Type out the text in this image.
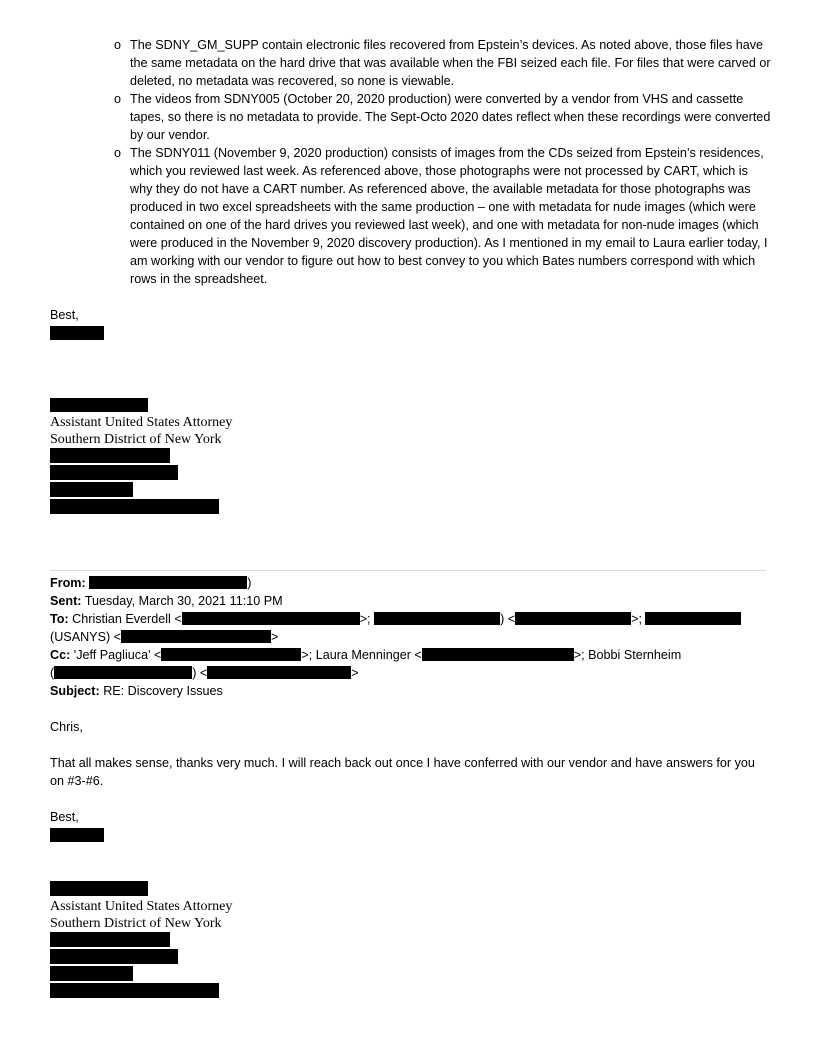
o The SDNY_GM_SUPP contain electronic files recovered from Epstein’s devices. As noted above, those files have the same metadata on the hard drive that was available when the FBI seized each file. For files that were carved or deleted, no metadata was recovered, so none is viewable.
o The videos from SDNY005 (October 20, 2020 production) were converted by a vendor from VHS and cassette tapes, so there is no metadata to provide. The Sept-Octo 2020 dates reflect when these recordings were converted by our vendor.
o The SDNY011 (November 9, 2020 production) consists of images from the CDs seized from Epstein’s residences, which you reviewed last week. As referenced above, those photographs were not processed by CART, which is why they do not have a CART number. As referenced above, the available metadata for those photographs was produced in two excel spreadsheets with the same production – one with metadata for nude images (which were contained on one of the hard drives you reviewed last week), and one with metadata for non-nude images (which were produced in the November 9, 2020 discovery production). As I mentioned in my email to Laura earlier today, I am working with our vendor to figure out how to best convey to you which Bates numbers correspond with which rows in the spreadsheet.
Best,
Assistant United States Attorney
Southern District of New York
From:	)
Sent: Tuesday, March 30, 2021 11:10 PM
To: Christian Everdell <	>;	) <	>;
(USANYS) <	>
Cc: 'Jeff Pagliuca' <	>; Laura Menninger <	>; Bobbi Sternheim
(	) <	>
Subject: RE: Discovery Issues
Chris,
That all makes sense, thanks very much. I will reach back out once I have conferred with our vendor and have answers for you on #3-#6.
Best,
Assistant United States Attorney
Southern District of New York
